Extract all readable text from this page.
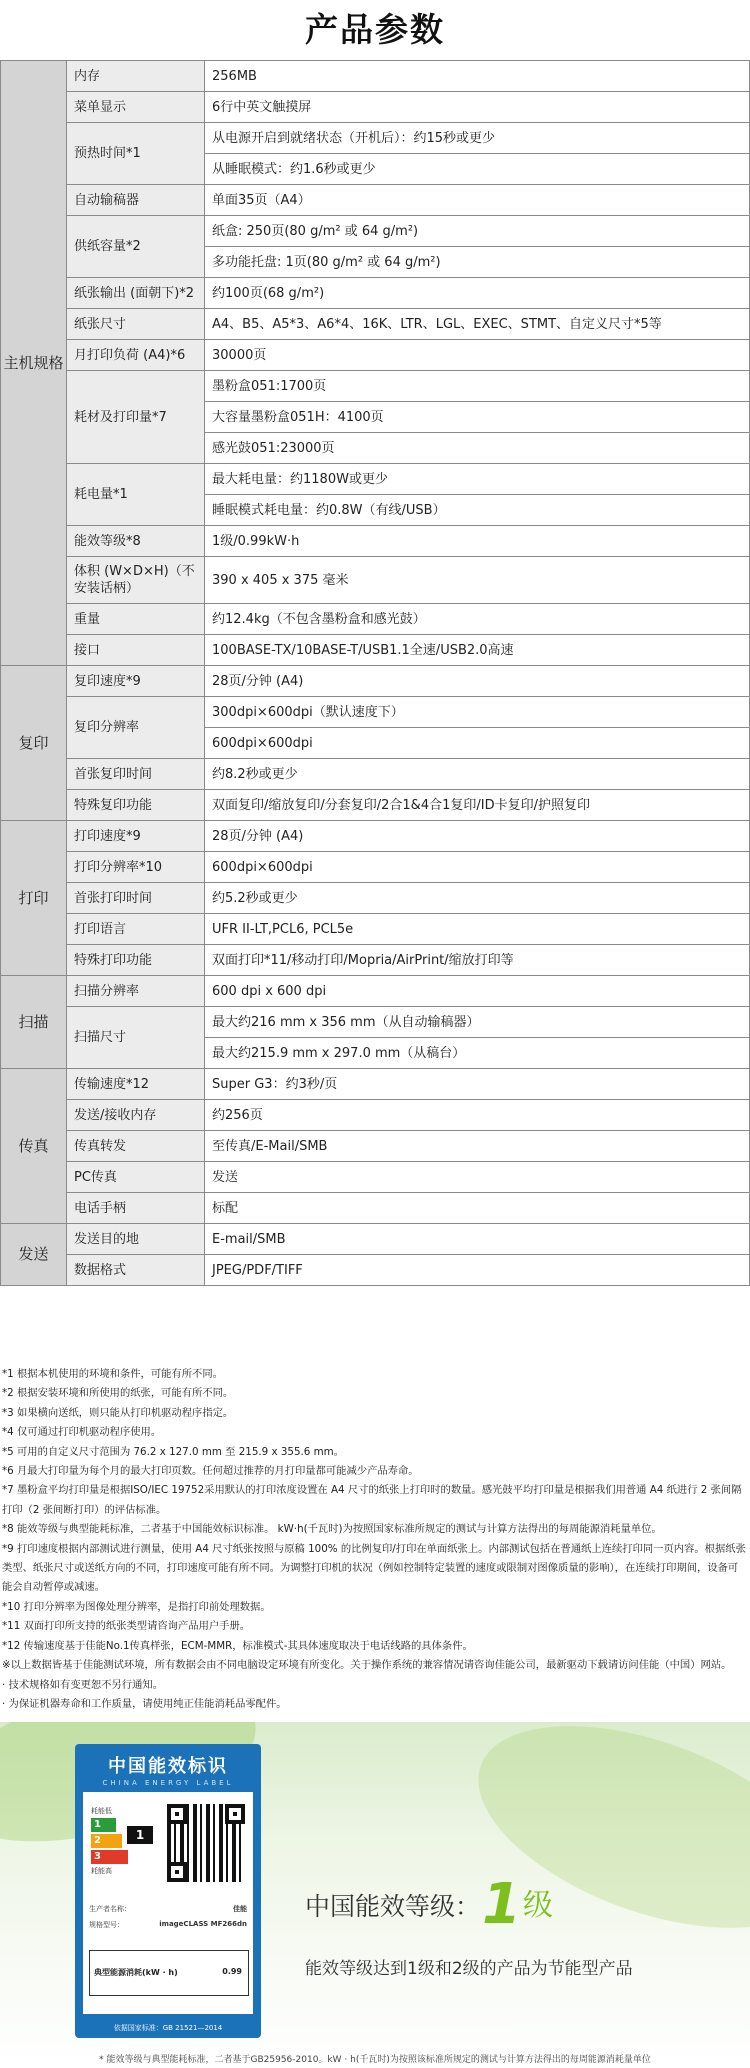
产品参数
主机规格	内存	256MB
	菜单显示	6行中英文触摸屏
	预热时间*1	从电源开启到就绪状态（开机后）：约15秒或更少
		从睡眠模式：约1.6秒或更少
	自动输稿器	单面35页（A4）
	供纸容量*2	纸盒: 250页(80 g/m² 或 64 g/m²)
		多功能托盘: 1页(80 g/m² 或 64 g/m²)
	纸张输出 (面朝下)*2	约100页(68 g/m²)
	纸张尺寸	A4、B5、A5*3、A6*4、16K、LTR、LGL、EXEC、STMT、自定义尺寸*5等
	月打印负荷 (A4)*6	30000页
	耗材及打印量*7	墨粉盒051:1700页
		大容量墨粉盒051H：4100页
		感光鼓051:23000页
	耗电量*1	最大耗电量：约1180W或更少
		睡眠模式耗电量：约0.8W（有线/USB）
	能效等级*8	1级/0.99kW·h
	体积 (W×D×H)（不安装话柄）	390 x 405 x 375 毫米
	重量	约12.4kg（不包含墨粉盒和感光鼓）
	接口	100BASE-TX/10BASE-T/USB1.1全速/USB2.0高速
复印	复印速度*9	28页/分钟 (A4)
	复印分辨率	300dpi×600dpi（默认速度下）
		600dpi×600dpi
	首张复印时间	约8.2秒或更少
	特殊复印功能	双面复印/缩放复印/分套复印/2合1&4合1复印/ID卡复印/护照复印
打印	打印速度*9	28页/分钟 (A4)
	打印分辨率*10	600dpi×600dpi
	首张打印时间	约5.2秒或更少
	打印语言	UFR II-LT,PCL6, PCL5e
	特殊打印功能	双面打印*11/移动打印/Mopria/AirPrint/缩放打印等
扫描	扫描分辨率	600 dpi x 600 dpi
	扫描尺寸	最大约216 mm x 356 mm（从自动输稿器）
		最大约215.9 mm x 297.0 mm（从稿台）
传真	传输速度*12	Super G3：约3秒/页
	发送/接收内存	约256页
	传真转发	至传真/E-Mail/SMB
	PC传真	发送
	电话手柄	标配
发送	发送目的地	E-mail/SMB
	数据格式	JPEG/PDF/TIFF
*1 根据本机使用的环境和条件，可能有所不同。
*2 根据安装环境和所使用的纸张，可能有所不同。
*3 如果横向送纸，则只能从打印机驱动程序指定。
*4 仅可通过打印机驱动程序使用。
*5 可用的自定义尺寸范围为 76.2 x 127.0 mm 至 215.9 x 355.6 mm。
*6 月最大打印量为每个月的最大打印页数。任何超过推荐的月打印量都可能减少产品寿命。
*7 墨粉盒平均打印量是根据ISO/IEC 19752采用默认的打印浓度设置在 A4 尺寸的纸张上打印时的数量。感光鼓平均打印量是根据我们用普通 A4 纸进行 2 张间隔打印（2 张间断打印）的评估标准。
*8 能效等级与典型能耗标准，二者基于中国能效标识标准。 kW·h(千瓦时)为按照国家标准所规定的测试与计算方法得出的每周能源消耗量单位。
*9 打印速度根据内部测试进行测量，使用 A4 尺寸纸张按照与原稿 100% 的比例复印/打印在单面纸张上。内部测试包括在普通纸上连续打印同一页内容。根据纸张类型、纸张尺寸或送纸方向的不同，打印速度可能有所不同。为调整打印机的状况（例如控制特定装置的速度或限制对图像质量的影响），在连续打印期间，设备可能会自动暂停或减速。
*10 打印分辨率为图像处理分辨率，是指打印前处理数据。
*11 双面打印所支持的纸张类型请咨询产品用户手册。
*12 传输速度基于佳能No.1传真样张，ECM-MMR，标准模式-其具体速度取决于电话线路的具体条件。
※以上数据皆基于佳能测试环境，所有数据会由不同电脑设定环境有所变化。关于操作系统的兼容情况请咨询佳能公司，最新驱动下载请访问佳能（中国）网站。
· 技术规格如有变更恕不另行通知。
· 为保证机器寿命和工作质量，请使用纯正佳能消耗品零配件。
中国能效标识
CHINA ENERGY LABEL
耗能低
1
2
3
耗能高
1
生产者名称：	佳能
规格型号：	imageCLASS MF266dn
典型能源消耗(kW · h)	0.99
依据国家标准：GB 21521—2014
中国能效等级：1级
能效等级达到1级和2级的产品为节能型产品
* 能效等级与典型能耗标准，二者基于GB25956-2010。kW · h(千瓦时)为按照该标准所规定的测试与计算方法得出的每周能源消耗量单位
